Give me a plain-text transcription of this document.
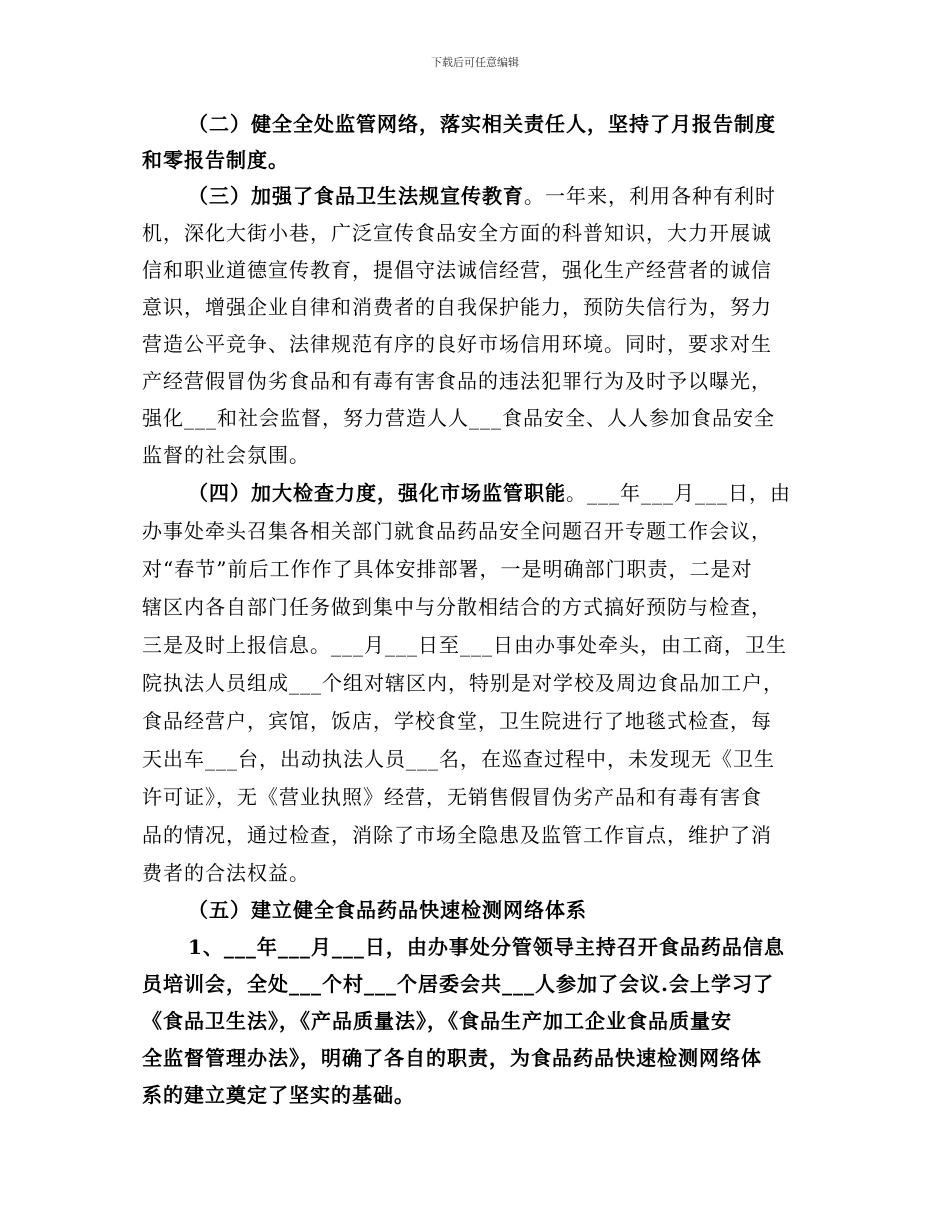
下载后可任意编辑
（二）健全全处监管网络，落实相关责任人，坚持了月报告制度
和零报告制度。
（三）加强了食品卫生法规宣传教育。一年来，利用各种有利时
机，深化大街小巷，广泛宣传食品安全方面的科普知识，大力开展诚
信和职业道德宣传教育，提倡守法诚信经营，强化生产经营者的诚信
意识，增强企业自律和消费者的自我保护能力，预防失信行为，努力
营造公平竞争、法律规范有序的良好市场信用环境。同时，要求对生
产经营假冒伪劣食品和有毒有害食品的违法犯罪行为及时予以曝光，
强化___和社会监督，努力营造人人___食品安全、人人参加食品安全
监督的社会氛围。
（四）加大检查力度，强化市场监管职能。___年___月___日，由
办事处牵头召集各相关部门就食品药品安全问题召开专题工作会议，
对“春节”前后工作作了具体安排部署，一是明确部门职责，二是对
辖区内各自部门任务做到集中与分散相结合的方式搞好预防与检查，
三是及时上报信息。___月___日至___日由办事处牵头，由工商，卫生
院执法人员组成___个组对辖区内，特别是对学校及周边食品加工户，
食品经营户，宾馆，饭店，学校食堂，卫生院进行了地毯式检查，每
天出车___台，出动执法人员___名，在巡查过程中，未发现无《卫生
许可证》，无《营业执照》经营，无销售假冒伪劣产品和有毒有害食
品的情况，通过检查，消除了市场全隐患及监管工作盲点，维护了消
费者的合法权益。
（五）建立健全食品药品快速检测网络体系
1、___年___月___日，由办事处分管领导主持召开食品药品信息
员培训会，全处___个村___个居委会共___人参加了会议.会上学习了
《食品卫生法》，《产品质量法》，《食品生产加工企业食品质量安
全监督管理办法》，明确了各自的职责，为食品药品快速检测网络体
系的建立奠定了坚实的基础。
